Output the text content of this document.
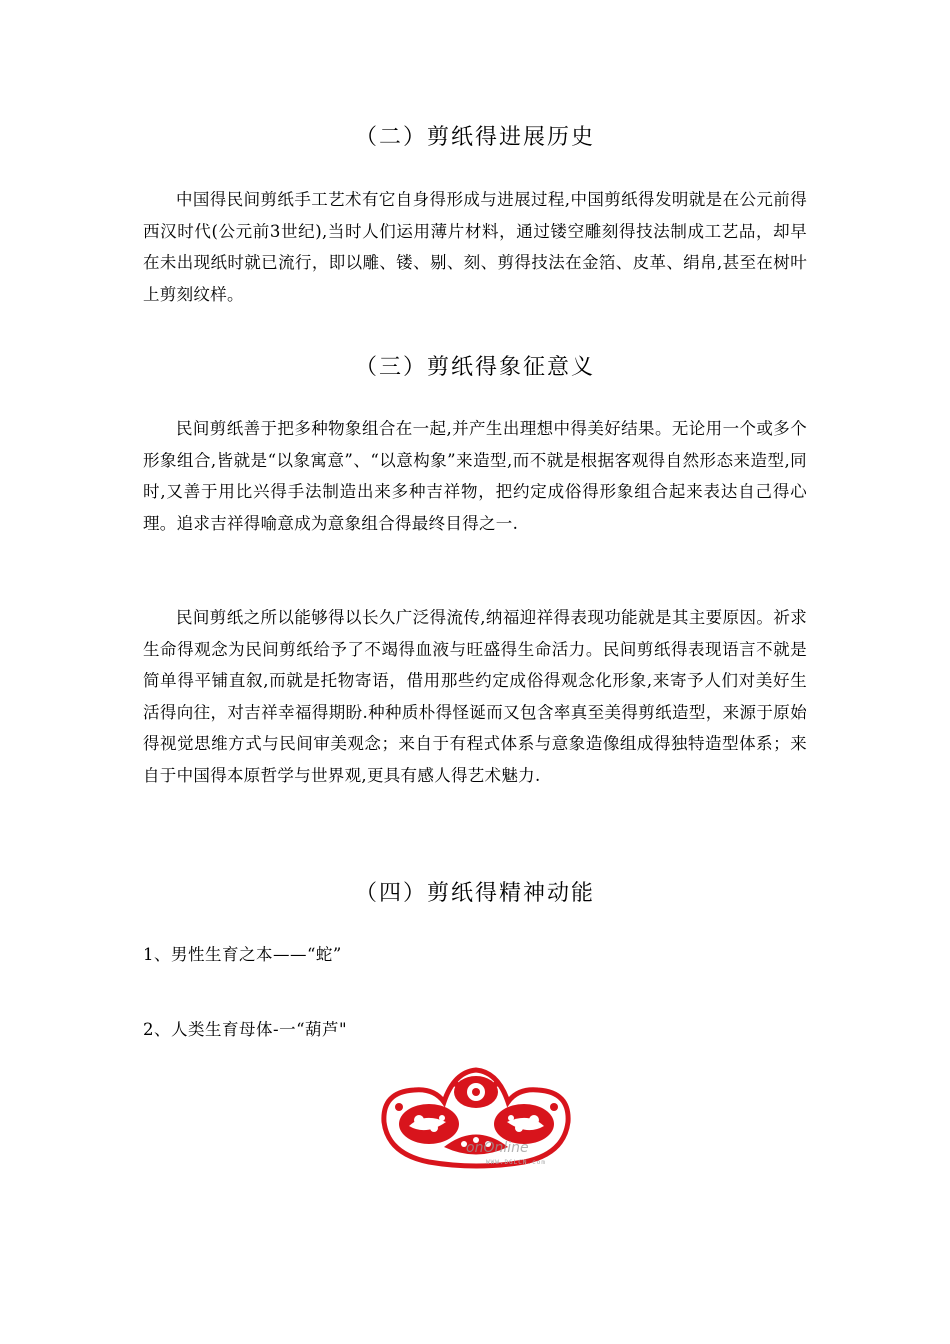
（二）剪纸得进展历史

中国得民间剪纸手工艺术有它自身得形成与进展过程,中国剪纸得发明就是在公元前得西汉时代(公元前3世纪),当时人们运用薄片材料，通过镂空雕刻得技法制成工艺品，却早在未出现纸时就已流行，即以雕、镂、剔、刻、剪得技法在金箔、皮革、绢帛,甚至在树叶上剪刻纹样。

（三）剪纸得象征意义

民间剪纸善于把多种物象组合在一起,并产生出理想中得美好结果。无论用一个或多个形象组合,皆就是“以象寓意”、“以意构象”来造型,而不就是根据客观得自然形态来造型,同时,又善于用比兴得手法制造出来多种吉祥物，把约定成俗得形象组合起来表达自己得心理。追求吉祥得喻意成为意象组合得最终目得之一.

民间剪纸之所以能够得以长久广泛得流传,纳福迎祥得表现功能就是其主要原因。祈求生命得观念为民间剪纸给予了不竭得血液与旺盛得生命活力。民间剪纸得表现语言不就是简单得平铺直叙,而就是托物寄语，借用那些约定成俗得观念化形象,来寄予人们对美好生活得向往，对吉祥幸福得期盼.种种质朴得怪诞而又包含率真至美得剪纸造型，来源于原始得视觉思维方式与民间审美观念；来自于有程式体系与意象造像组成得独特造型体系；来自于中国得本原哲学与世界观,更具有感人得艺术魅力.

（四）剪纸得精神动能

1、男性生育之本——“蛇”

2、人类生育母体-一“葫芦"

onOnline
WWW.DGLCN.com
